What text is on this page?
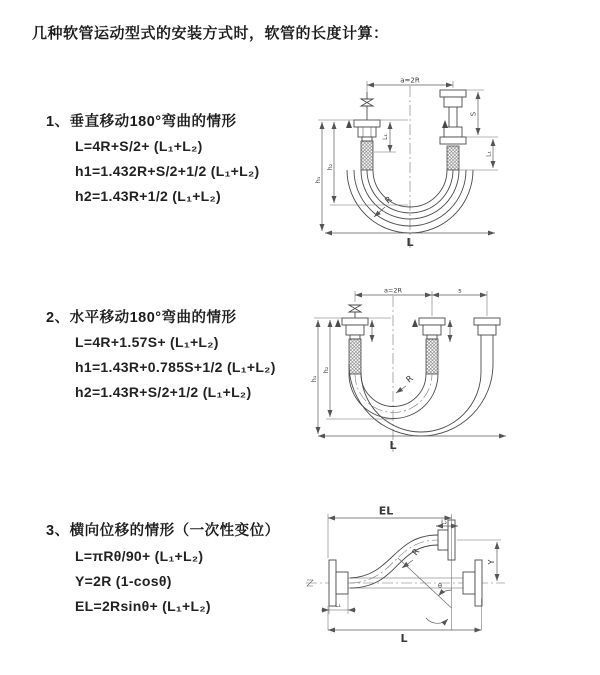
几种软管运动型式的安装方式时，软管的长度计算：
1、垂直移动180°弯曲的情形
L=4R+S/2+ (L₁+L₂)
h1=1.432R+S/2+1/2 (L₁+L₂)
h2=1.43R+1/2 (L₁+L₂)
2、水平移动180°弯曲的情形
L=4R+1.57S+ (L₁+L₂)
h1=1.43R+0.785S+1/2 (L₁+L₂)
h2=1.43R+S/2+1/2 (L₁+L₂)
3、横向位移的情形（一次性变位）
L=πRθ/90+ (L₁+L₂)
Y=2R (1-cosθ)
EL=2Rsinθ+ (L₁+L₂)
a=2R
h₁
h₂
L
L₁
S
L₁
R
a=2R	s
h₁
h₂
L
R
EL
L₂
L
L₁
Y
R
θ
